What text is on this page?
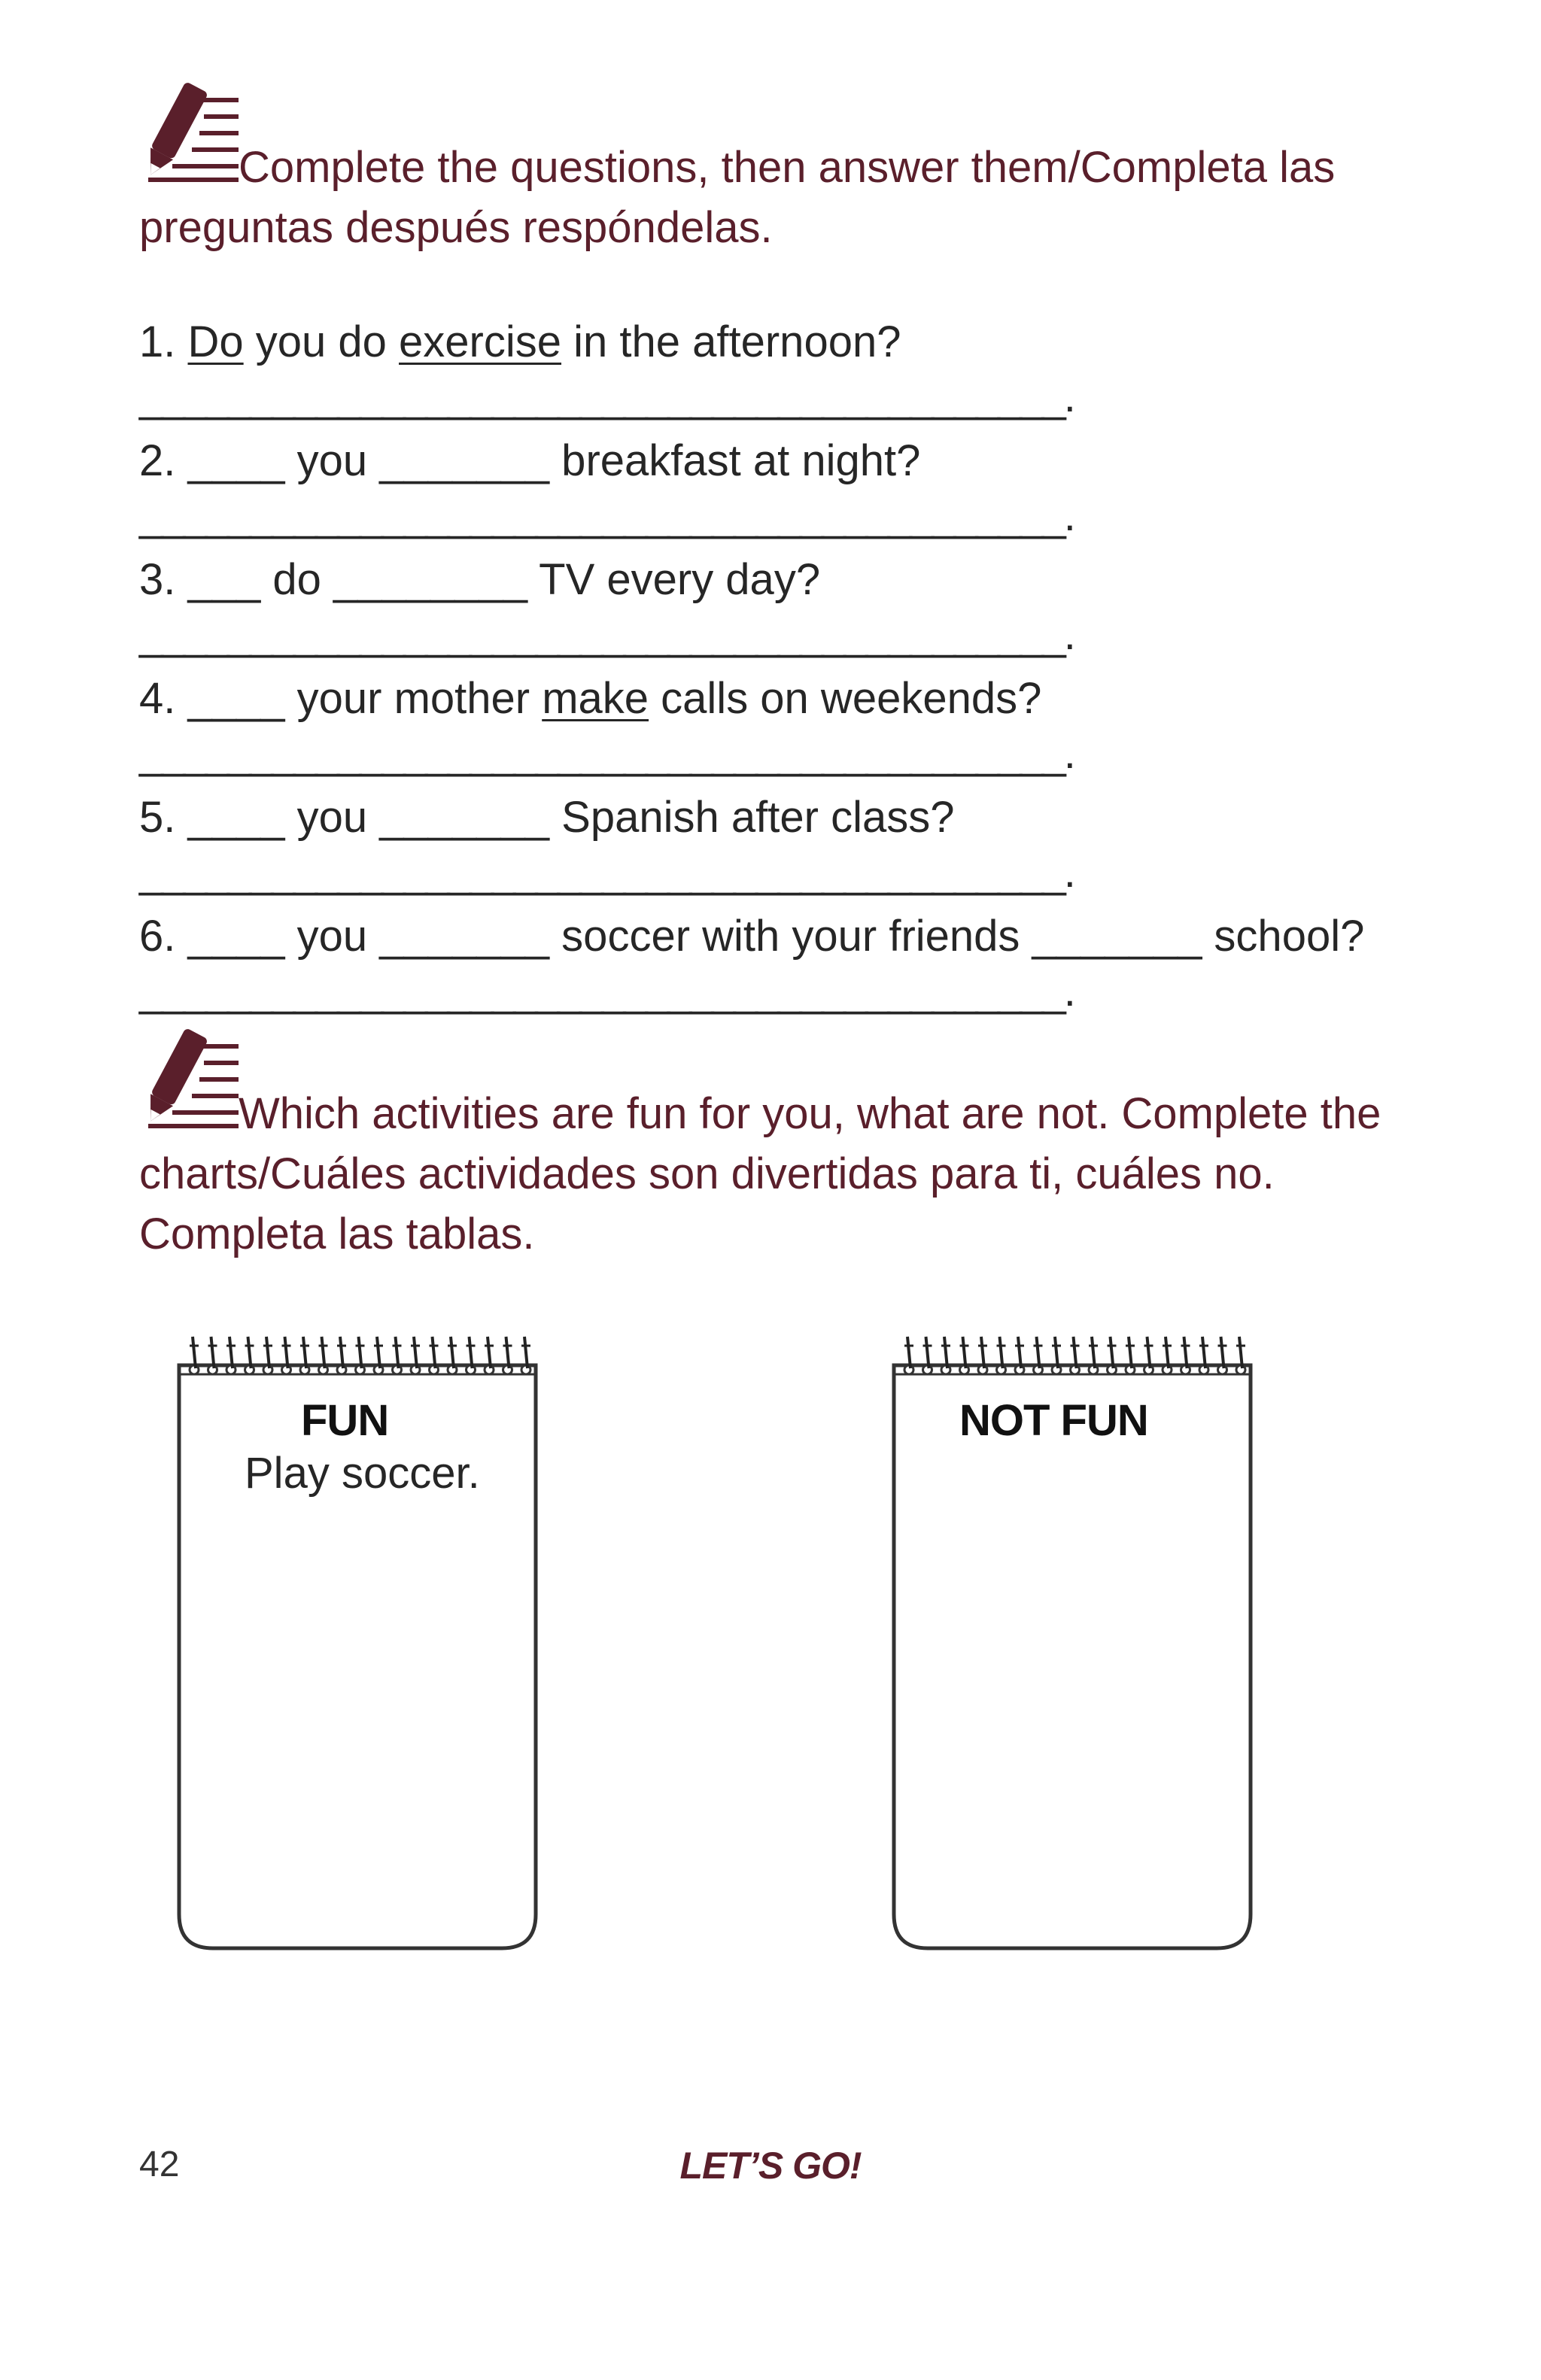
Complete the questions, then answer them/Completa las preguntas después respóndelas.

1. Do you do exercise in the afternoon?
__________________________________________.
2. ____ you _______ breakfast at night?
__________________________________________.
3. ___ do ________ TV every day?
__________________________________________.
4. ____ your mother make calls on weekends?
__________________________________________.
5. ____ you _______ Spanish after class?
__________________________________________.
6. ____ you _______ soccer with your friends _______ school?
__________________________________________.

Which activities are fun for you, what are not. Complete the charts/Cuáles actividades son divertidas para ti, cuáles no. Completa las tablas.

FUN
Play soccer.
NOT FUN
42	LET’S GO!
